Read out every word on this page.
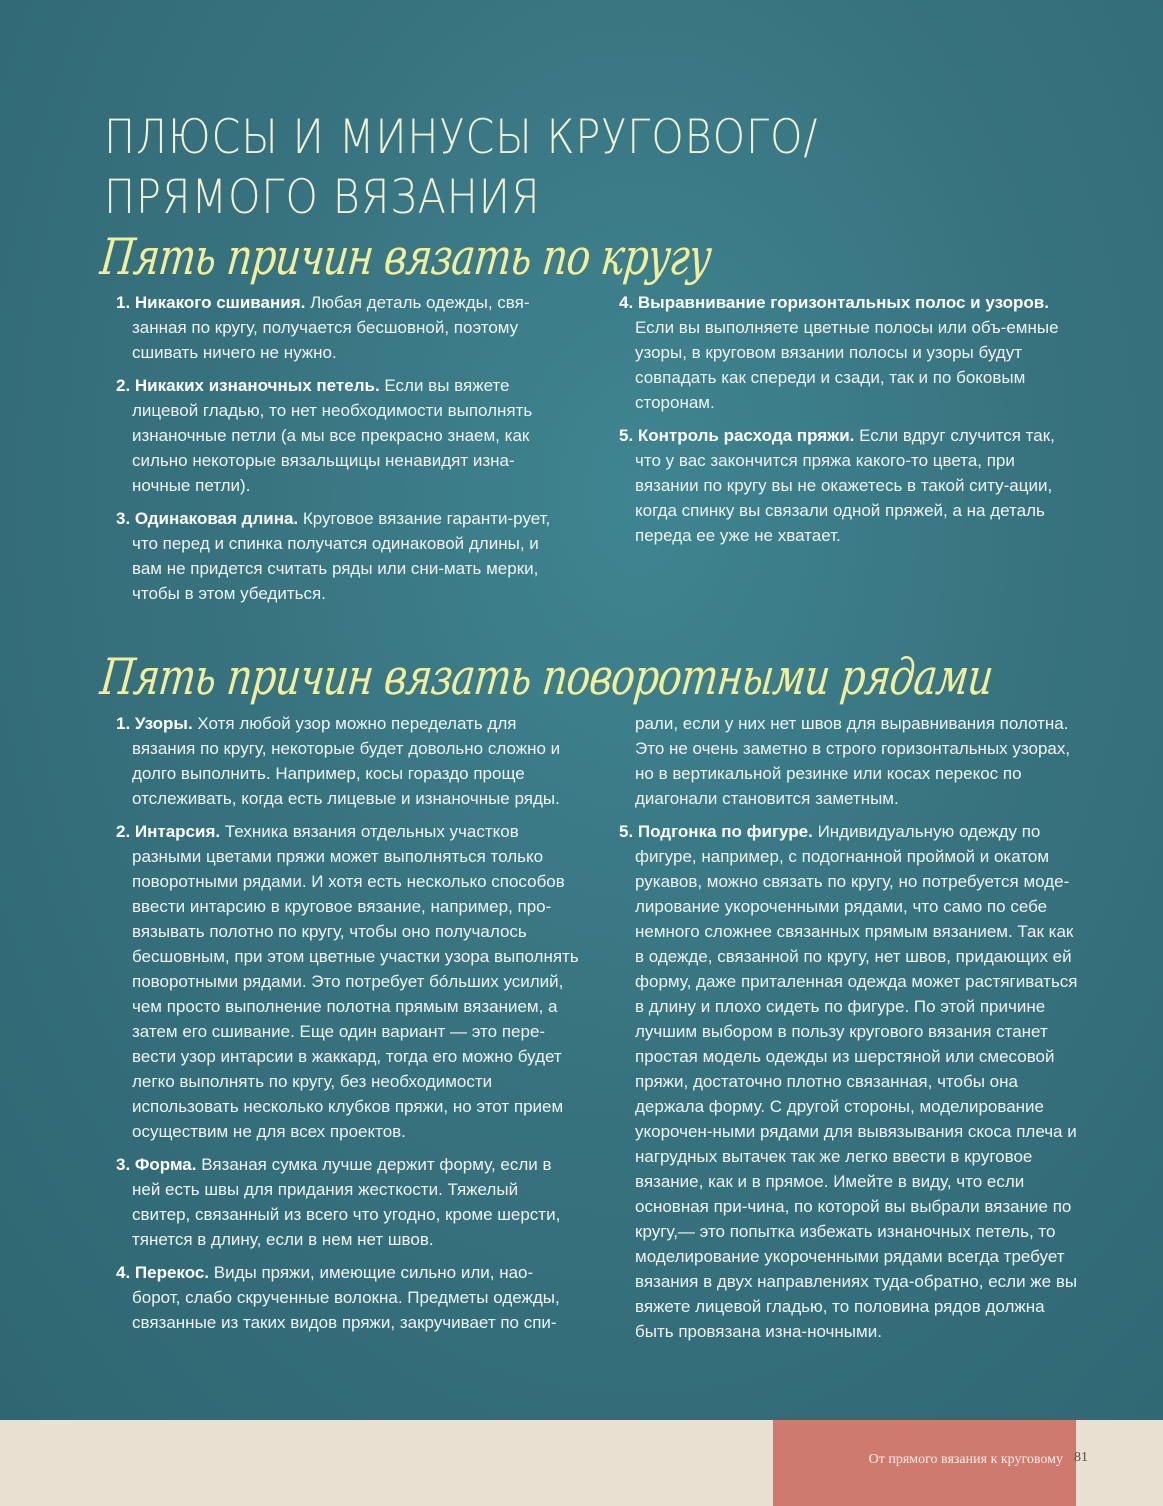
ПЛЮСЫ И МИНУСЫ КРУГОВОГО/ПРЯМОГО ВЯЗАНИЯ
Пять причин вязать по кругу

1. Никакого сшивания. Любая деталь одежды, свя-занная по кругу, получается бесшовной, поэтому сшивать ничего не нужно.

2. Никаких изнаночных петель. Если вы вяжете лицевой гладью, то нет необходимости выполнять изнаночные петли (а мы все прекрасно знаем, как сильно некоторые вязальщицы ненавидят изна-ночные петли).

3. Одинаковая длина. Круговое вязание гаранти-рует, что перед и спинка получатся одинаковой длины, и вам не придется считать ряды или сни-мать мерки, чтобы в этом убедиться.

4. Выравнивание горизонтальных полос и узоров. Если вы выполняете цветные полосы или объ-емные узоры, в круговом вязании полосы и узоры будут совпадать как спереди и сзади, так и по боковым сторонам.

5. Контроль расхода пряжи. Если вдруг случится так, что у вас закончится пряжа какого-то цвета, при вязании по кругу вы не окажетесь в такой ситу-ации, когда спинку вы связали одной пряжей, а на деталь переда ее уже не хватает.

Пять причин вязать поворотными рядами

1. Узоры. Хотя любой узор можно переделать для вязания по кругу, некоторые будет довольно сложно и долго выполнить. Например, косы гораздо проще отслеживать, когда есть лицевые и изнаночные ряды.

2. Интарсия. Техника вязания отдельных участков разными цветами пряжи может выполняться только поворотными рядами. И хотя есть несколько способов ввести интарсию в круговое вязание, например, про-вязывать полотно по кругу, чтобы оно получалось бесшовным, при этом цветные участки узора выполнять поворотными рядами. Это потребует бóльших усилий, чем просто выполнение полотна прямым вязанием, а затем его сшивание. Еще один вариант — это пере-вести узор интарсии в жаккард, тогда его можно будет легко выполнять по кругу, без необходимости использовать несколько клубков пряжи, но этот прием осуществим не для всех проектов.

3. Форма. Вязаная сумка лучше держит форму, если в ней есть швы для придания жесткости. Тяжелый свитер, связанный из всего что угодно, кроме шерсти, тянется в длину, если в нем нет швов.

4. Перекос. Виды пряжи, имеющие сильно или, нао-борот, слабо скрученные волокна. Предметы одежды, связанные из таких видов пряжи, закручивает по спи-

рали, если у них нет швов для выравнивания полотна. Это не очень заметно в строго горизонтальных узорах, но в вертикальной резинке или косах перекос по диагонали становится заметным.

5. Подгонка по фигуре. Индивидуальную одежду по фигуре, например, с подогнанной проймой и окатом рукавов, можно связать по кругу, но потребуется моде-лирование укороченными рядами, что само по себе немного сложнее связанных прямым вязанием. Так как в одежде, связанной по кругу, нет швов, придающих ей форму, даже приталенная одежда может растягиваться в длину и плохо сидеть по фигуре. По этой причине лучшим выбором в пользу кругового вязания станет простая модель одежды из шерстяной или смесовой пряжи, достаточно плотно связанная, чтобы она держала форму. С другой стороны, моделирование укорочен-ными рядами для вывязывания скоса плеча и нагрудных вытачек так же легко ввести в круговое вязание, как и в прямое. Имейте в виду, что если основная при-чина, по которой вы выбрали вязание по кругу,— это попытка избежать изнаночных петель, то моделирование укороченными рядами всегда требует вязания в двух направлениях туда-обратно, если же вы вяжете лицевой гладью, то половина рядов должна быть провязана изна-ночными.

От прямого вязания к круговому 81
